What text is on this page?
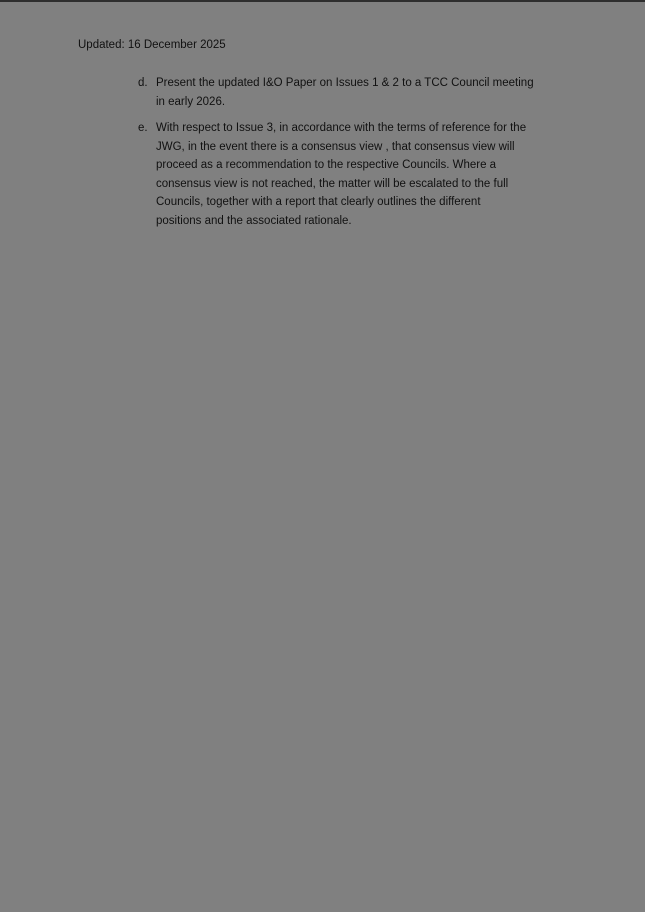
Updated: 16 December 2025
d. Present the updated I&O Paper on Issues 1 & 2 to a TCC Council meeting
in early 2026.
e. With respect to Issue 3, in accordance with the terms of reference for the
JWG, in the event there is a consensus view , that consensus view will
proceed as a recommendation to the respective Councils. Where a
consensus view is not reached, the matter will be escalated to the full
Councils, together with a report that clearly outlines the different
positions and the associated rationale.
